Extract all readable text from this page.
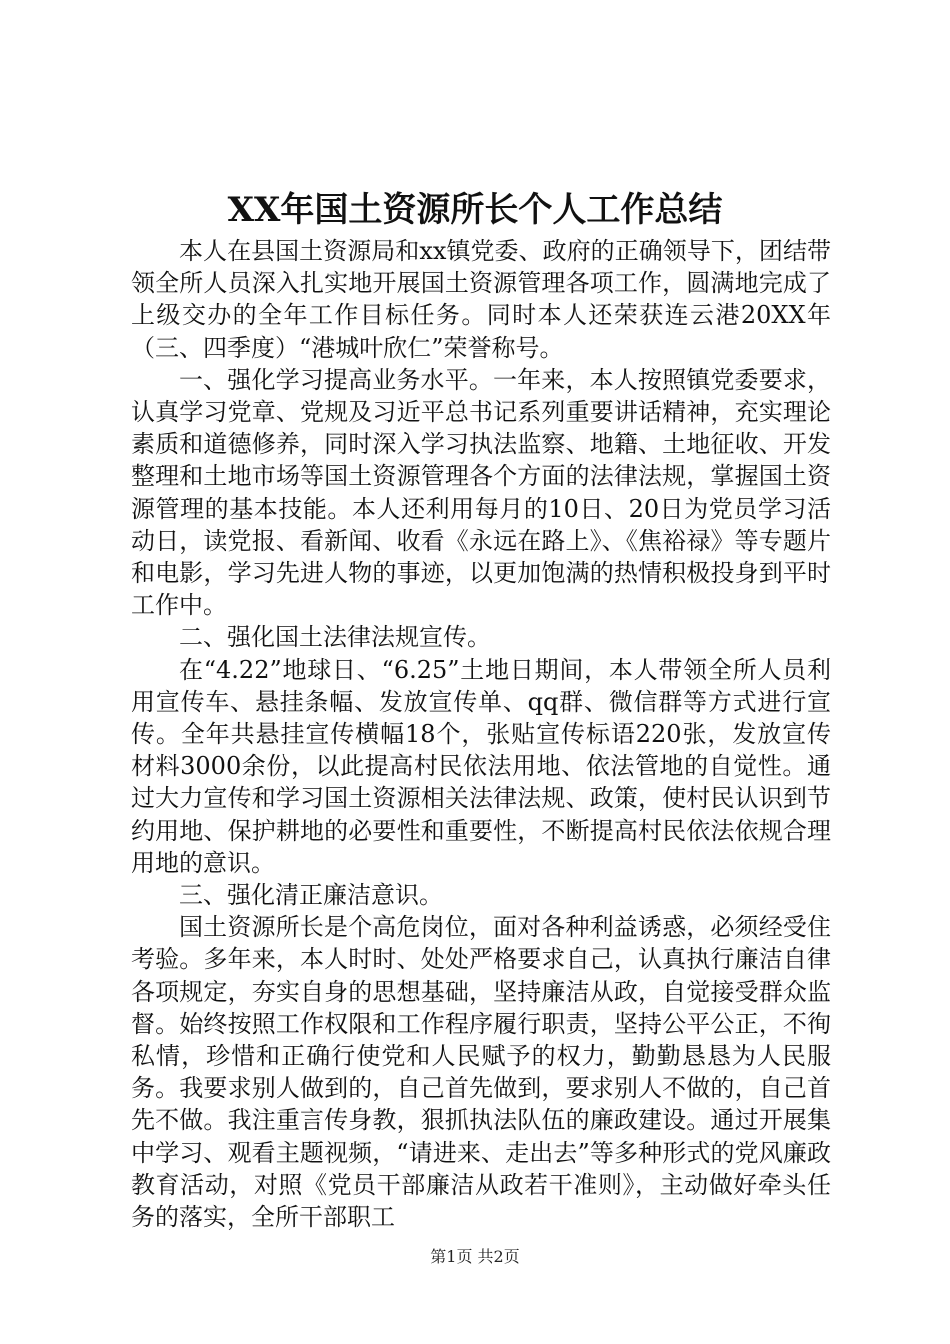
XX年国土资源所长个人工作总结

本人在县国土资源局和xx镇党委、政府的正确领导下，团结带领全所人员深入扎实地开展国土资源管理各项工作，圆满地完成了上级交办的全年工作目标任务。同时本人还荣获连云港20XX年（三、四季度）“港城叶欣仁”荣誉称号。

一、强化学习提高业务水平。一年来，本人按照镇党委要求，认真学习党章、党规及习近平总书记系列重要讲话精神，充实理论素质和道德修养，同时深入学习执法监察、地籍、土地征收、开发整理和土地市场等国土资源管理各个方面的法律法规，掌握国土资源管理的基本技能。本人还利用每月的10日、20日为党员学习活动日，读党报、看新闻、收看《永远在路上》、《焦裕禄》等专题片和电影，学习先进人物的事迹，以更加饱满的热情积极投身到平时工作中。

二、强化国土法律法规宣传。

在“4.22”地球日、“6.25”土地日期间，本人带领全所人员利用宣传车、悬挂条幅、发放宣传单、qq群、微信群等方式进行宣传。全年共悬挂宣传横幅18个，张贴宣传标语220张，发放宣传材料3000余份，以此提高村民依法用地、依法管地的自觉性。通过大力宣传和学习国土资源相关法律法规、政策，使村民认识到节约用地、保护耕地的必要性和重要性，不断提高村民依法依规合理用地的意识。

三、强化清正廉洁意识。

国土资源所长是个高危岗位，面对各种利益诱惑，必须经受住考验。多年来，本人时时、处处严格要求自己，认真执行廉洁自律各项规定，夯实自身的思想基础，坚持廉洁从政，自觉接受群众监督。始终按照工作权限和工作程序履行职责，坚持公平公正，不徇私情，珍惜和正确行使党和人民赋予的权力，勤勤恳恳为人民服务。我要求别人做到的，自己首先做到，要求别人不做的，自己首先不做。我注重言传身教，狠抓执法队伍的廉政建设。通过开展集中学习、观看主题视频，“请进来、走出去”等多种形式的党风廉政教育活动，对照《党员干部廉洁从政若干准则》，主动做好牵头任务的落实，全所干部职工

第1页 共2页
